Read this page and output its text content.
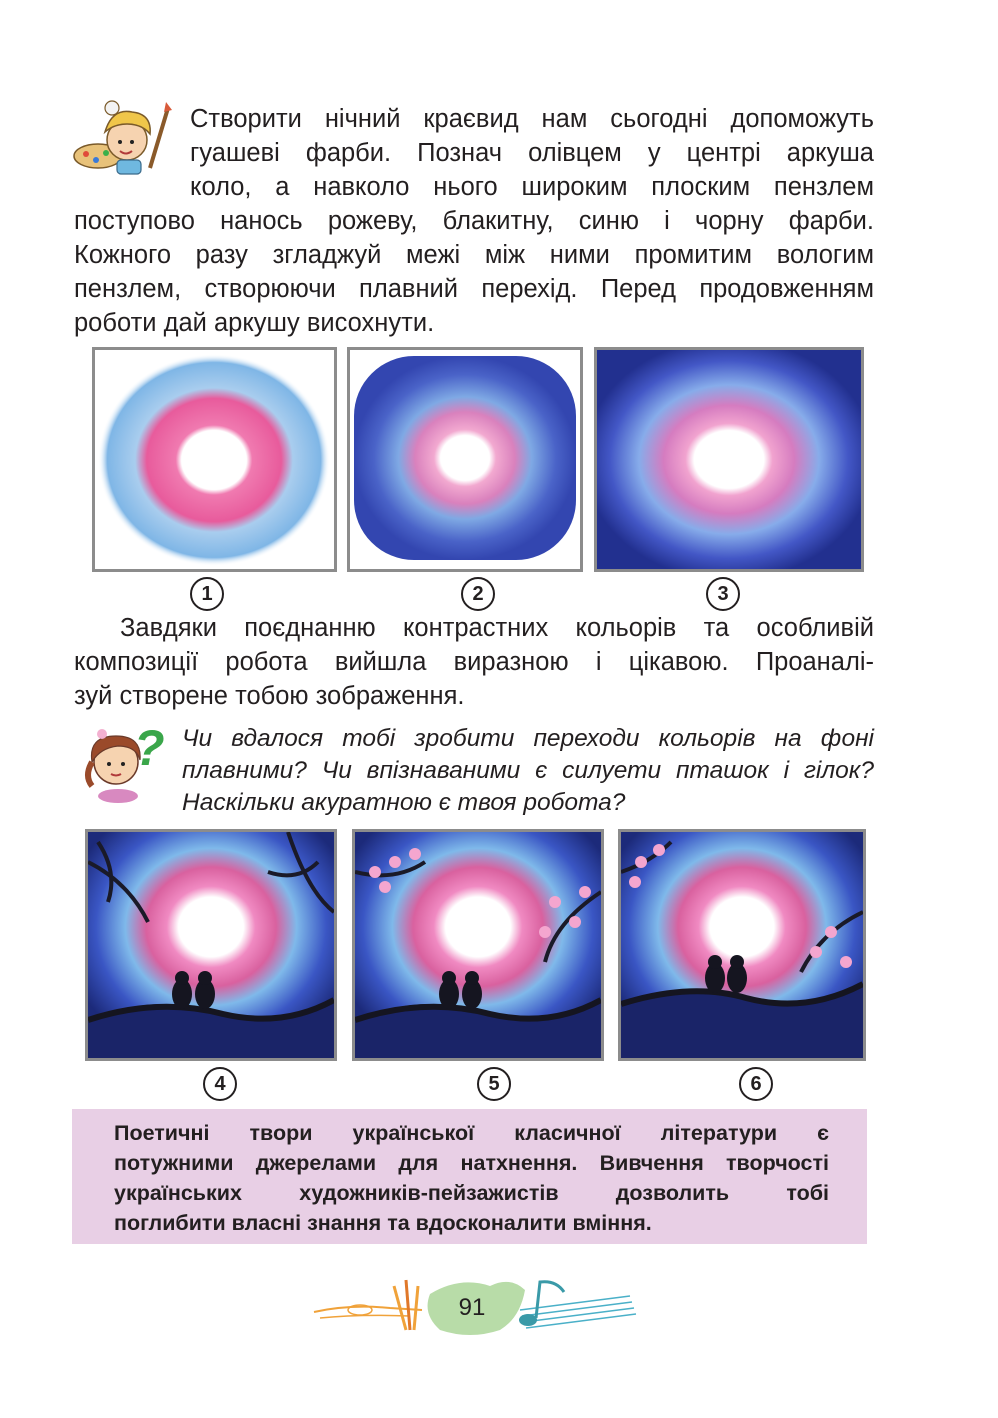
Створити нічний краєвид нам сьогодні допоможуть
гуашеві фарби. Познач олівцем у центрі аркуша
коло, а навколо нього широким плоским пензлем
поступово нанось рожеву, блакитну, синю і чорну фарби.
Кожного разу згладжуй межі між ними промитим вологим
пензлем, створюючи плавний перехід. Перед продовженням
роботи дай аркушу висохнути.
1	2	3
Завдяки поєднанню контрастних кольорів та особливій
композиції робота вийшла виразною і цікавою. Проаналі-
зуй створене тобою зображення.
? Чи вдалося тобі зробити переходи кольорів на фоні
плавними? Чи впізнаваними є силуети пташок і гілок?
Наскільки акуратною є твоя робота?
4	5	6
Поетичні твори української класичної літератури є
потужними джерелами для натхнення. Вивчення творчості
українських художників-пейзажистів дозволить тобі
поглибити власні знання та вдосконалити вміння.
91
